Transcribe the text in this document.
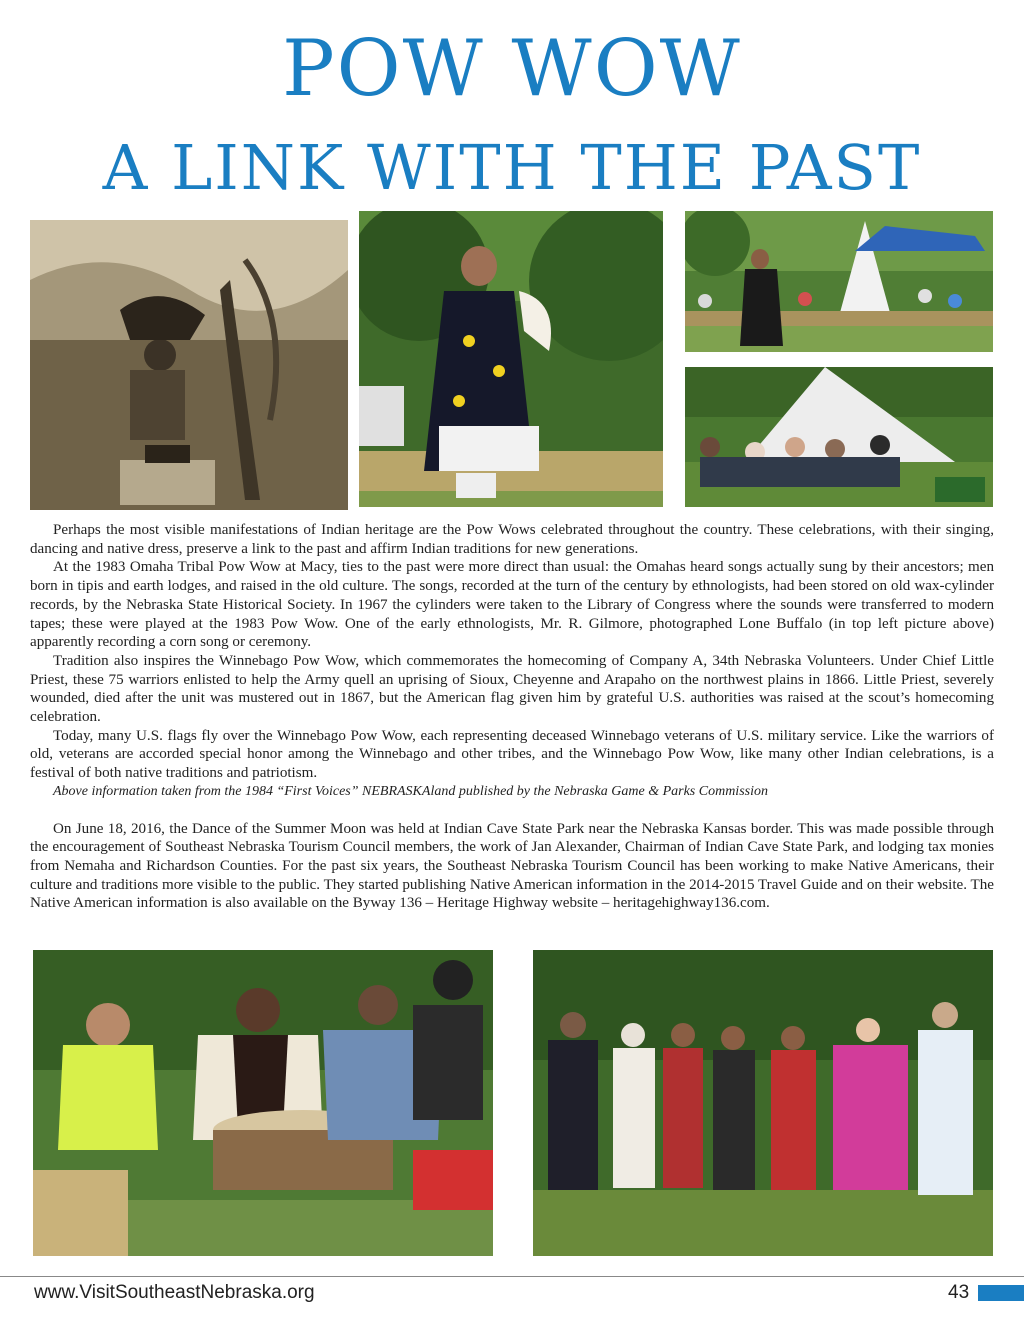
POW WOW
A LINK WITH THE PAST

Perhaps the most visible manifestations of Indian heritage are the Pow Wows celebrated throughout the country. These celebrations, with their singing, dancing and native dress, preserve a link to the past and affirm Indian traditions for new generations.

At the 1983 Omaha Tribal Pow Wow at Macy, ties to the past were more direct than usual: the Omahas heard songs actually sung by their ancestors; men born in tipis and earth lodges, and raised in the old culture. The songs, recorded at the turn of the century by ethnologists, had been stored on old wax-cylinder records, by the Nebraska State Historical Society. In 1967 the cylinders were taken to the Library of Congress where the sounds were transferred to modern tapes; these were played at the 1983 Pow Wow. One of the early ethnologists, Mr. R. Gilmore, photographed Lone Buffalo (in top left picture above) apparently recording a corn song or ceremony.

Tradition also inspires the Winnebago Pow Wow, which commemorates the homecoming of Company A, 34th Nebraska Volunteers. Under Chief Little Priest, these 75 warriors enlisted to help the Army quell an uprising of Sioux, Cheyenne and Arapaho on the northwest plains in 1866. Little Priest, severely wounded, died after the unit was mustered out in 1867, but the American flag given him by grateful U.S. authorities was raised at the scout’s homecoming celebration.

Today, many U.S. flags fly over the Winnebago Pow Wow, each representing deceased Winnebago veterans of U.S. military service. Like the warriors of old, veterans are accorded special honor among the Winnebago and other tribes, and the Winnebago Pow Wow, like many other Indian celebrations, is a festival of both native traditions and patriotism.

Above information taken from the 1984 “First Voices” NEBRASKAland published by the Nebraska Game & Parks Commission

On June 18, 2016, the Dance of the Summer Moon was held at Indian Cave State Park near the Nebraska Kansas border. This was made possible through the encouragement of Southeast Nebraska Tourism Council members, the work of Jan Alexander, Chairman of Indian Cave State Park, and lodging tax monies from Nemaha and Richardson Counties. For the past six years, the Southeast Nebraska Tourism Council has been working to make Native Americans, their culture and traditions more visible to the public. They started publishing Native American information in the 2014-2015 Travel Guide and on their website. The Native American information is also available on the Byway 136 – Heritage Highway website – heritagehighway136.com.

www.VisitSoutheastNebraska.org	43
